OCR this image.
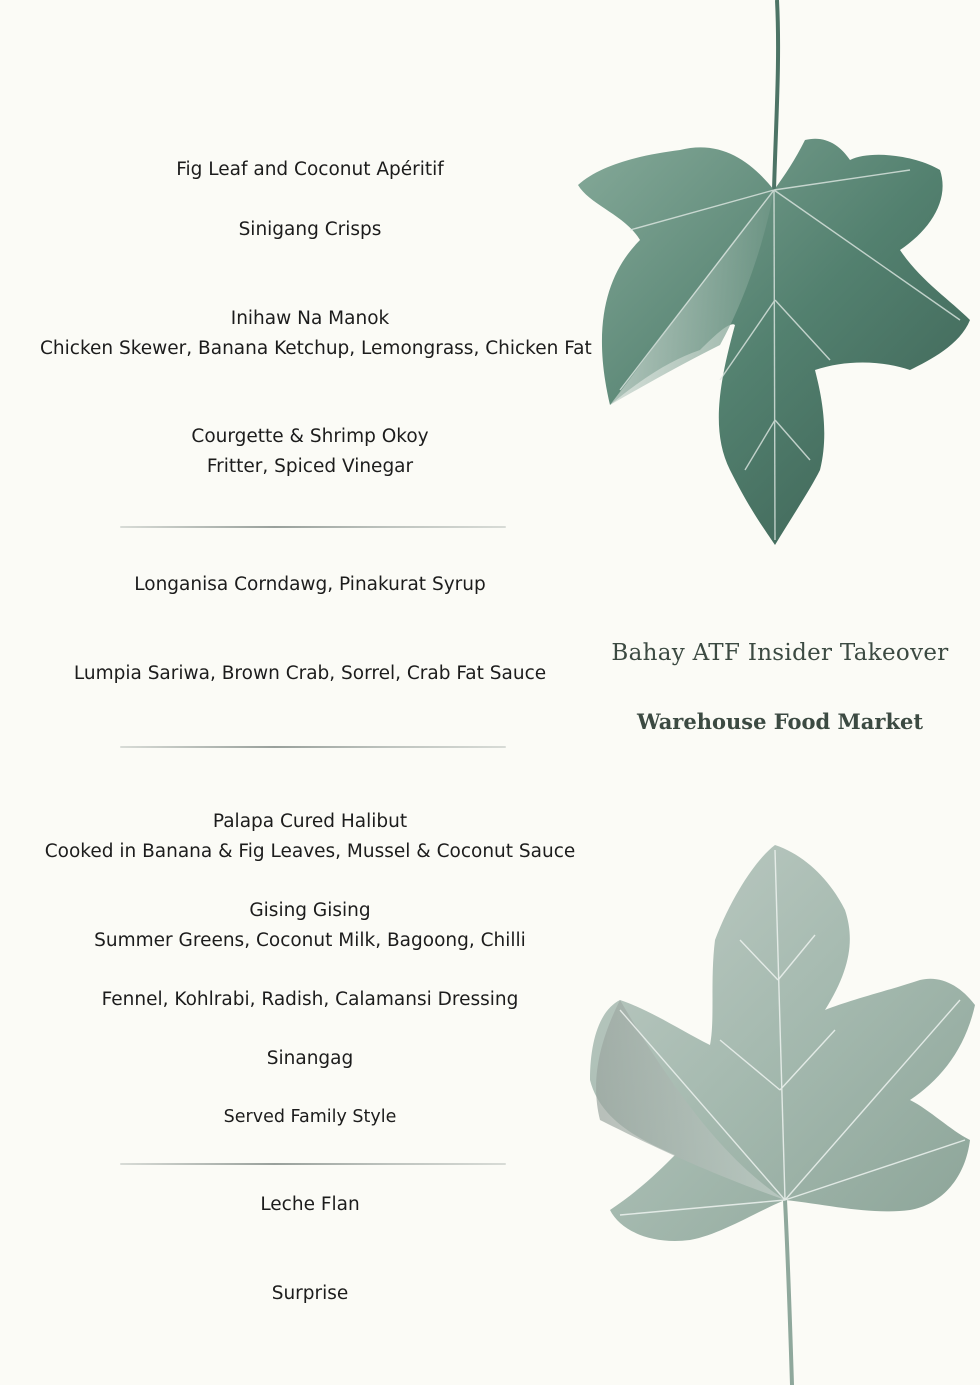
Fig Leaf and Coconut Apéritif
Sinigang Crisps
Inihaw Na Manok
Chicken Skewer, Banana Ketchup, Lemongrass, Chicken Fat
Courgette & Shrimp Okoy
Fritter, Spiced Vinegar
Longanisa Corndawg, Pinakurat Syrup
Lumpia Sariwa, Brown Crab, Sorrel, Crab Fat Sauce
Palapa Cured Halibut
Cooked in Banana & Fig Leaves, Mussel & Coconut Sauce
Gising Gising
Summer Greens, Coconut Milk, Bagoong, Chilli
Fennel, Kohlrabi, Radish, Calamansi Dressing
Sinangag
Served Family Style
Leche Flan
Surprise
Bahay ATF Insider Takeover
Warehouse Food Market
